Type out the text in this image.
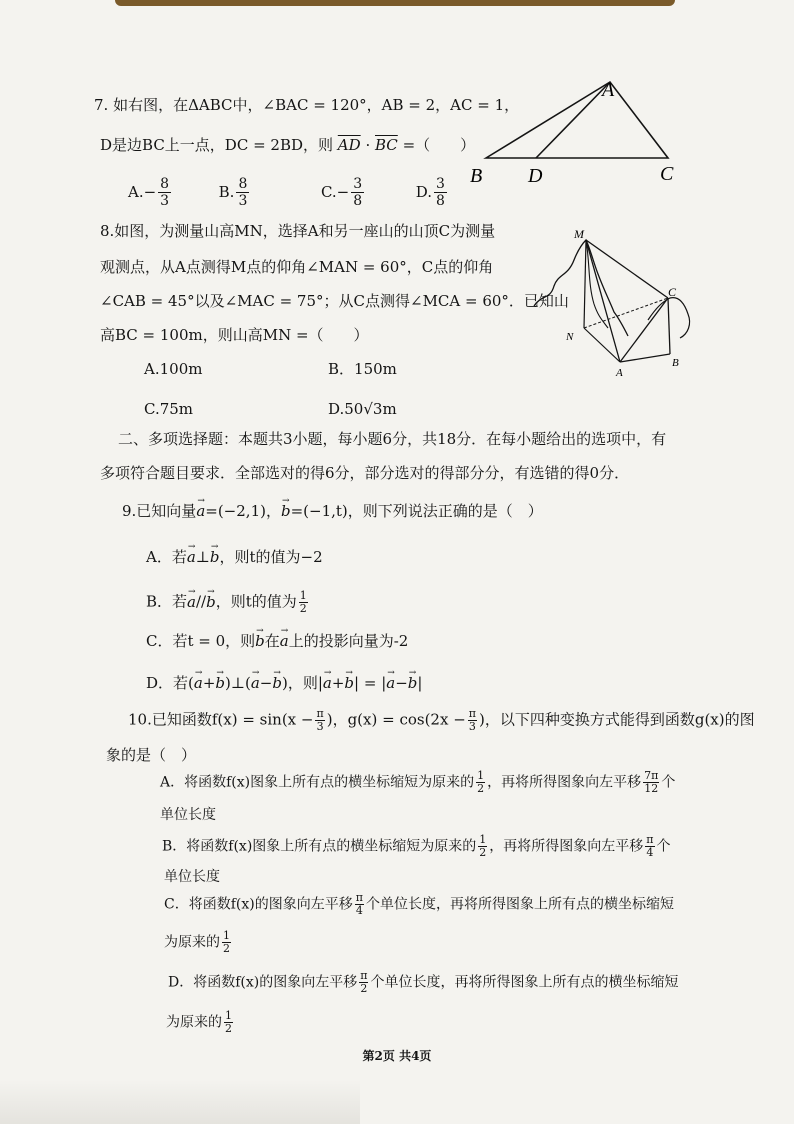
7. 如右图，在ΔABC中，∠BAC = 120°，AB = 2，AC = 1，
D是边BC上一点，DC = 2BD，则 $\overline{AD} \cdot \overline{BC}$ =（　　）
$A.- \frac{8}{3}$	B. $\frac{8}{3}$	$C.- \frac{3}{8}$	D. $\frac{3}{8}$
A
B D	C
8.如图，为测量山高MN，选择A和另一座山的山顶C为测量
观测点，从A点测得M点的仰角∠MAN = 60°，C点的仰角
∠CAB = 45°以及∠MAC = 75°；从C点测得∠MCA = 60°．已知山
高BC = 100m，则山高MN =（　　）
A.100m	B．150m
C.75m	D.50√3m
M
C
N
A
B
二、多项选择题：本题共3小题，每小题6分，共18分．在每小题给出的选项中，有
多项符合题目要求．全部选对的得6分，部分选对的得部分分，有选错的得0分．
9.已知向量→ a=(−2,1)，→ b=(−1,t)，则下列说法正确的是（　）
A．若→ a⊥→ b，则t的值为−2
B．若→ a//→ b，则t的值为 $\frac{1}{2}$
C．若t = 0，则→ b在→ a上的投影向量为-2
D．若(→ a+→ b)⊥(→ a−→ b)，则|→ a+→ b| = |→ a−→ b|
10.已知函数$f(x) = \sin(x - \frac{\pi}{3}$ )，$g(x) = \cos(2x - \frac{\pi}{3}$ )，以下四种变换方式能得到函数g(x)的图
象的是（　）
A．将函数f(x)图象上所有点的横坐标缩短为原来的 $\frac{1}{2}$ ，再将所得图象向左平移 $\frac{7\pi}{12}$ 个
单位长度
B．将函数f(x)图象上所有点的横坐标缩短为原来的 $\frac{1}{2}$ ，再将所得图象向左平移 $\frac{\pi}{4}$ 个
单位长度
C．将函数f(x)的图象向左平移 $\frac{\pi}{4}$ 个单位长度，再将所得图象上所有点的横坐标缩短
为原来的 $\frac{1}{2}$
D．将函数f(x)的图象向左平移 $\frac{\pi}{2}$ 个单位长度，再将所得图象上所有点的横坐标缩短
为原来的 $\frac{1}{2}$
第2页 共4页
